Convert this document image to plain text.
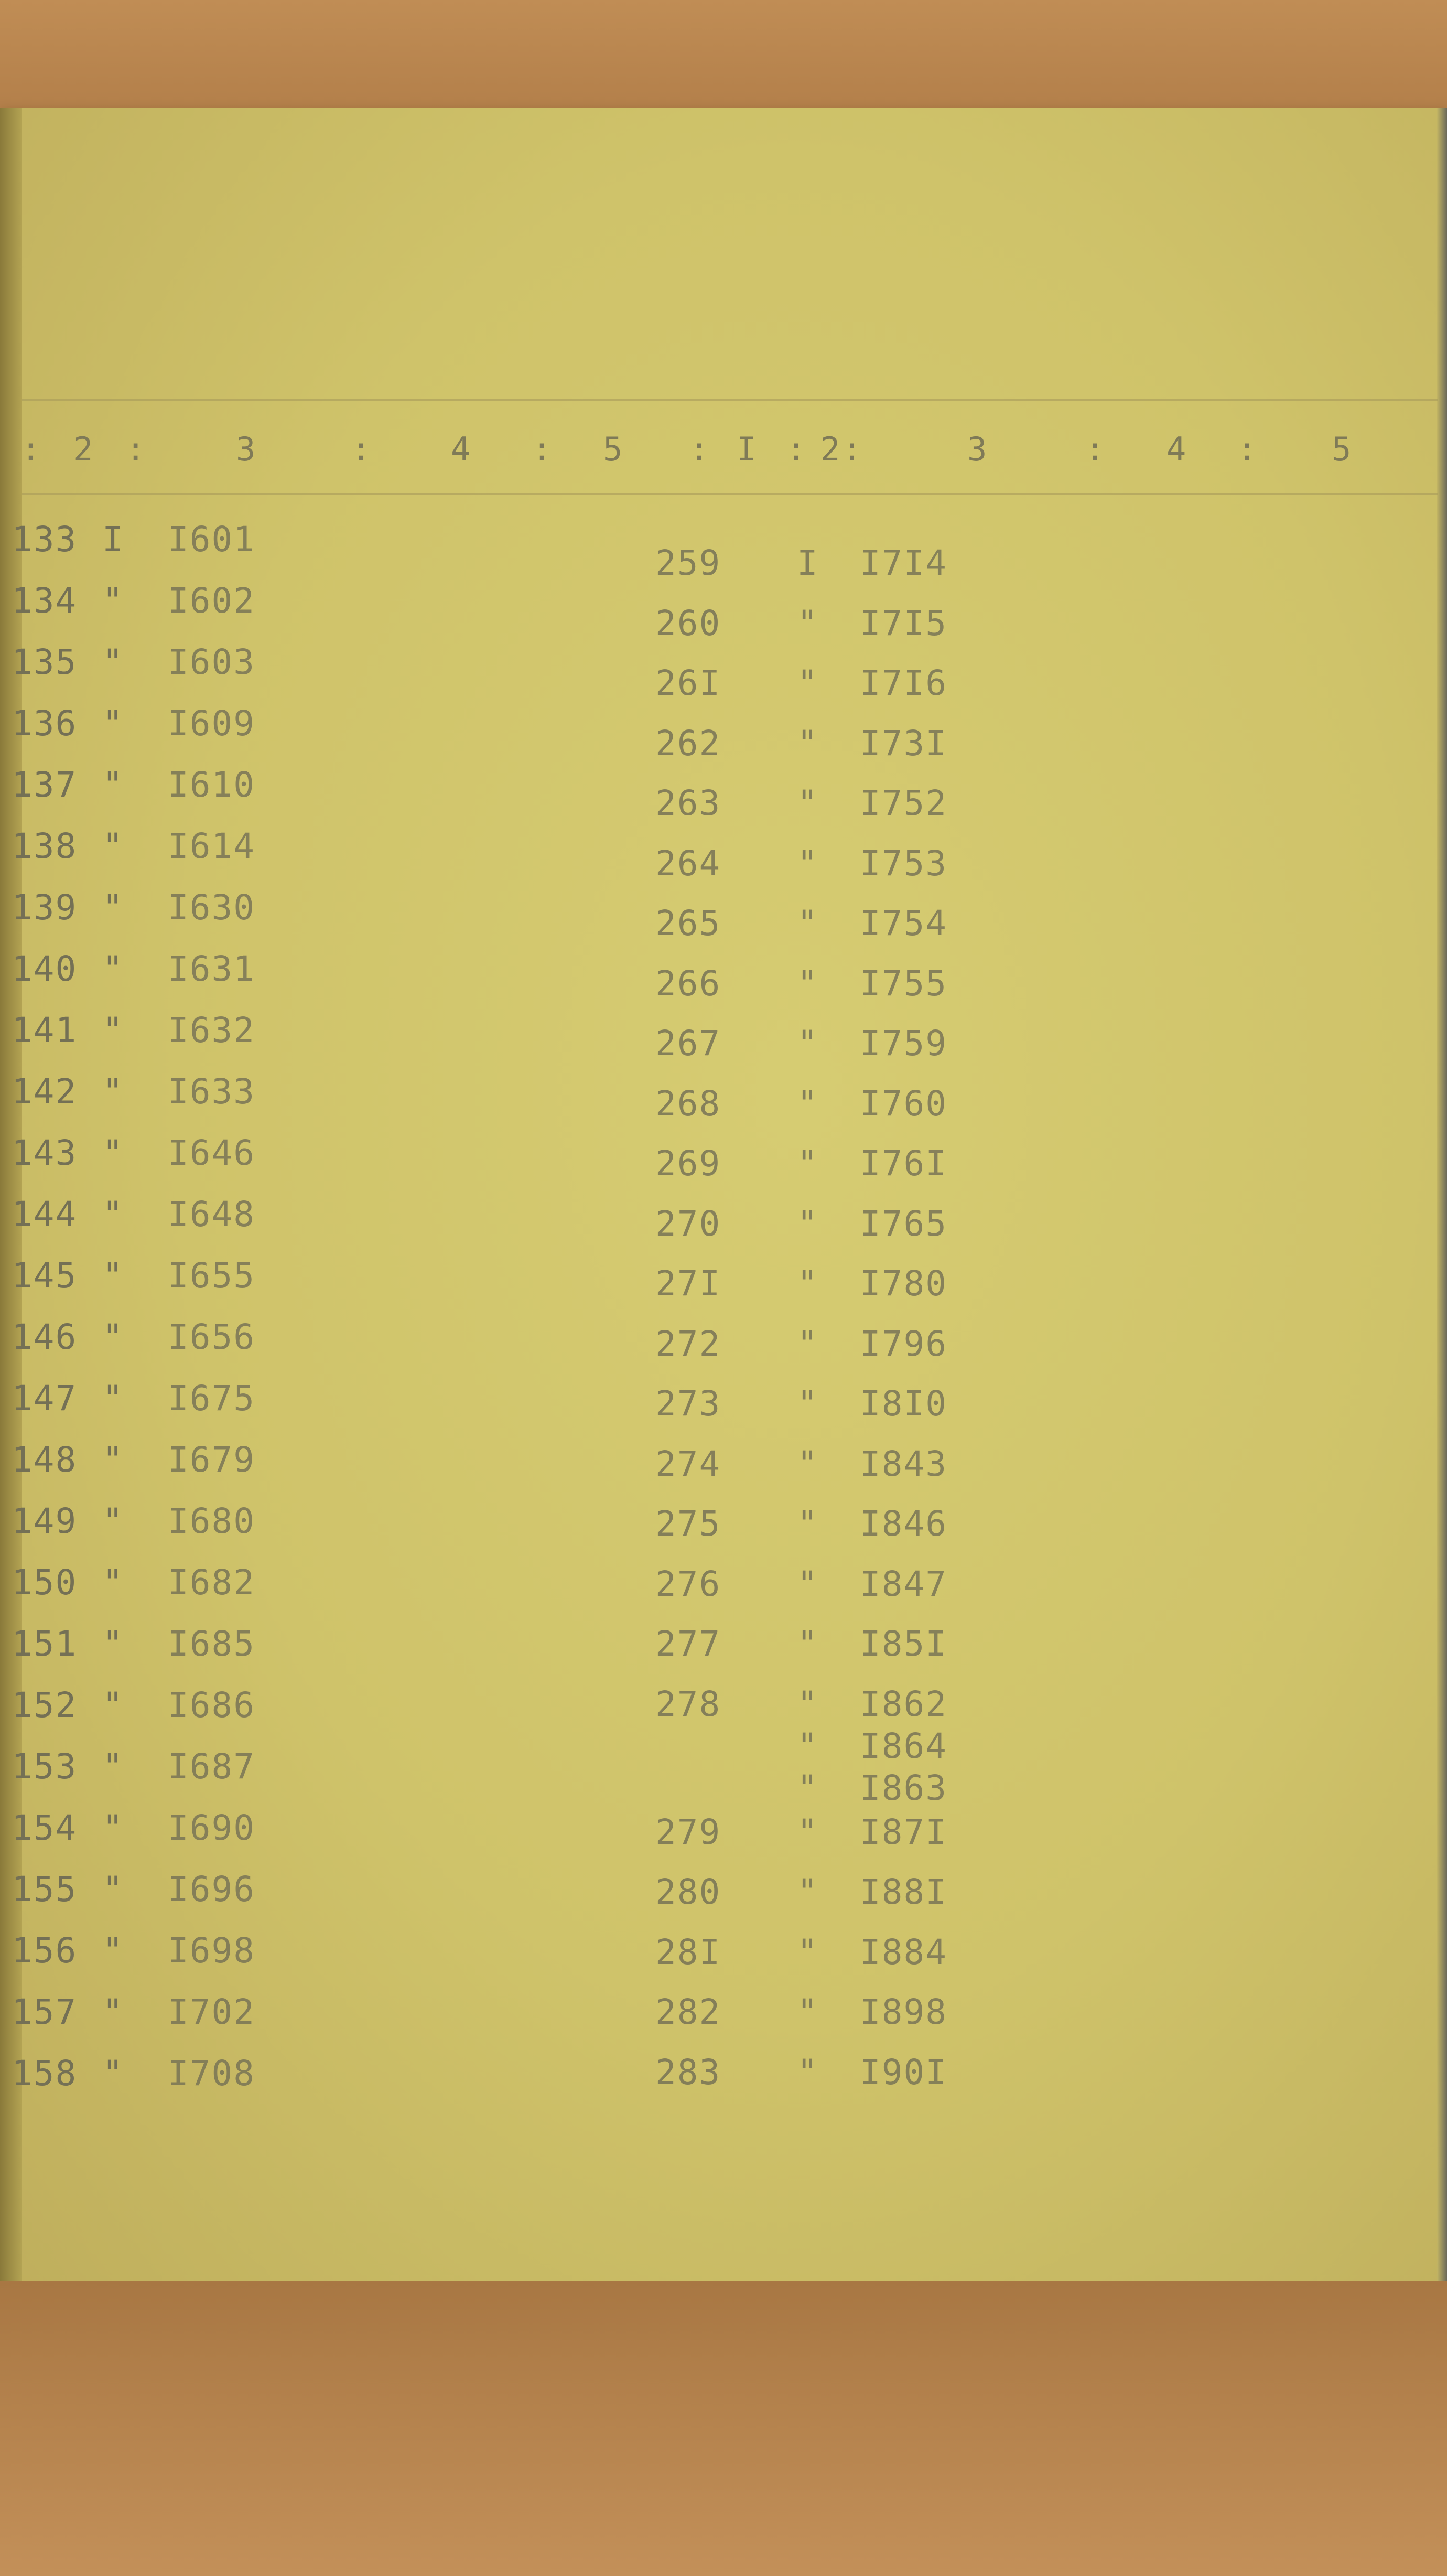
: 2 :	3	: 4 : 5 : I : 2:	3	: 4 : 5
133 I I601
134 " I602
135 " I603
136 " I609
137 " I610
138 " I614
139 " I630
140 " I631
141 " I632
142 " I633
143 " I646
144 " I648
145 " I655
146 " I656
147 " I675
148 " I679
149 " I680
150 " I682
151 " I685
152 " I686
153 " I687
154 " I690
155 " I696
156 " I698
157 " I702
158 " I708
259 I I7I4
260 " I7I5
26I " I7I6
262 " I73I
263 " I752
264 " I753
265 " I754
266 " I755
267 " I759
268 " I760
269 " I76I
270 " I765
27I " I780
272 " I796
273 " I8I0
274 " I843
275 " I846
276 " I847
277 " I85I
278 " I862
" I864
" I863
279 " I87I
280 " I88I
28I " I884
282 " I898
283 " I90I
